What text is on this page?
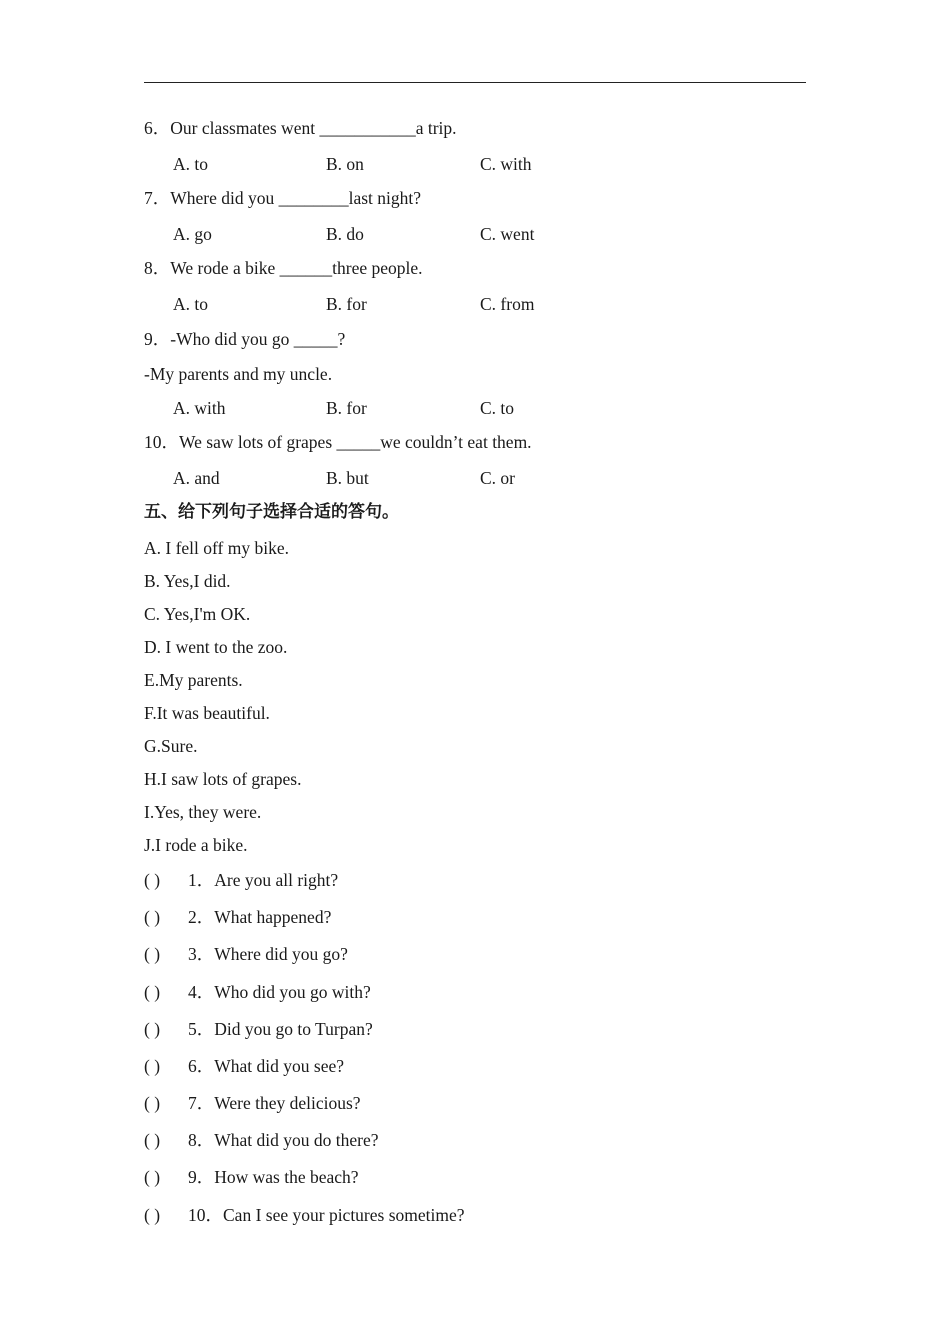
6．Our classmates went ___________a trip.
A. to	B. on	C. with
7．Where did you ________last night?
A. go	B. do	C. went
8．We rode a bike ______three people.
A. to	B. for	C. from
9．-Who did you go _____?
-My parents and my uncle.
A. with	B. for	C. to
10．We saw lots of grapes _____we couldn’t eat them.
A. and	B. but	C. or
五、给下列句子选择合适的答句。
A. I fell off my bike.
B. Yes,I did.
C. Yes,I'm OK.
D. I went to the zoo.
E.My parents.
F.It was beautiful.
G.Sure.
H.I saw lots of grapes.
I.Yes, they were.
J.I rode a bike.
( ) 1．Are you all right?
( ) 2．What happened?
( ) 3．Where did you go?
( ) 4．Who did you go with?
( ) 5．Did you go to Turpan?
( ) 6．What did you see?
( ) 7．Were they delicious?
( ) 8．What did you do there?
( ) 9．How was the beach?
( ) 10．Can I see your pictures sometime?
